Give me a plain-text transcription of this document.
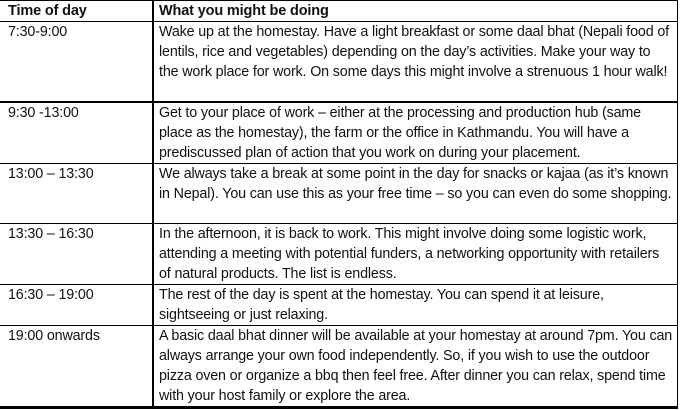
Time of day	What you might be doing
7:30-9:00	Wake up at the homestay. Have a light breakfast or some daal bhat (Nepali food of lentils, rice and vegetables) depending on the day’s activities. Make your way to the work place for work. On some days this might involve a strenuous 1 hour walk!
9:30 -13:00	Get to your place of work – either at the processing and production hub (same place as the homestay), the farm or the office in Kathmandu. You will have a prediscussed plan of action that you work on during your placement.
13:00 – 13:30	We always take a break at some point in the day for snacks or kajaa (as it’s known in Nepal). You can use this as your free time – so you can even do some shopping.
13:30 – 16:30	In the afternoon, it is back to work. This might involve doing some logistic work, attending a meeting with potential funders, a networking opportunity with retailers of natural products. The list is endless.
16:30 – 19:00	The rest of the day is spent at the homestay. You can spend it at leisure, sightseeing or just relaxing.
19:00 onwards	A basic daal bhat dinner will be available at your homestay at around 7pm. You can always arrange your own food independently. So, if you wish to use the outdoor pizza oven or organize a bbq then feel free. After dinner you can relax, spend time with your host family or explore the area.
